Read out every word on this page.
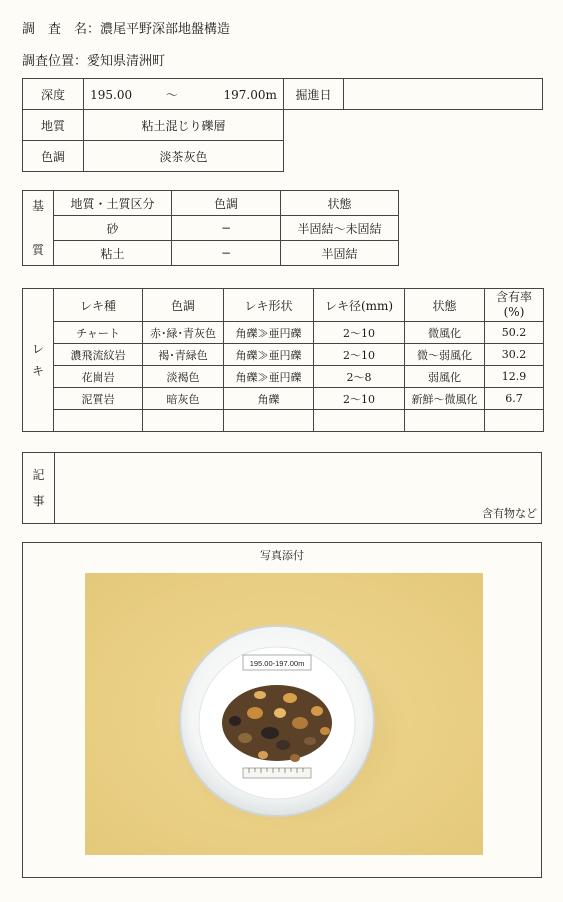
調　査　名：濃尾平野深部地盤構造
調査位置：愛知県清洲町
深度	195.00 〜 197.00m	掘進日	
地質	粘土混じり礫層		
色調	淡茶灰色		
基

質	地質・土質区分	色調	状態
	砂	−	半固結〜未固結
	粘土	−	半固結
レ
キ	レキ種	色調	レキ形状	レキ径(mm)	状態	含有率
(%)
	チャート	赤･緑･青灰色	角礫≫亜円礫	2〜10	微風化	50.2
	濃飛流紋岩	褐･青緑色	角礫≫亜円礫	2〜10	微〜弱風化	30.2
	花崗岩	淡褐色	角礫≫亜円礫	2〜8	弱風化	12.9
	泥質岩	暗灰色	角礫	2〜10	新鮮〜微風化	6.7

記
事
含有物など
写真添付
195.00-197.00m
